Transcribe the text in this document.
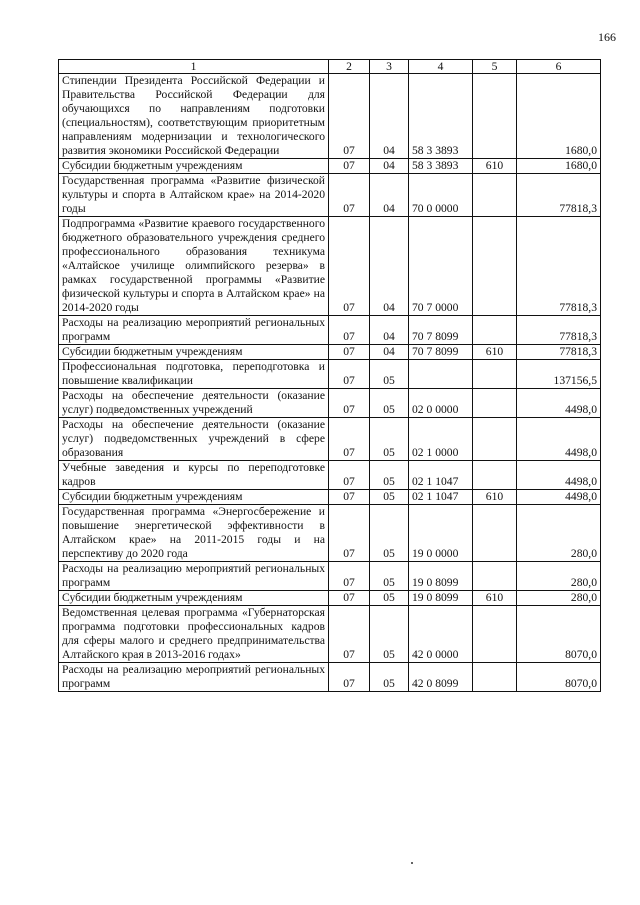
166
1	2	3	4	5	6
Стипендии Президента Российской Федерации и Правительства Российской Федерации для обучающихся по направлениям подготовки (специальностям), соответствующим приоритетным направлениям модернизации и технологического развития экономики Российской Федерации	07	04	58 3 3893		1680,0
Субсидии бюджетным учреждениям	07	04	58 3 3893	610	1680,0
Государственная программа «Развитие физической культуры и спорта в Алтайском крае» на 2014-2020 годы	07	04	70 0 0000		77818,3
Подпрограмма «Развитие краевого государственного бюджетного образовательного учреждения среднего профессионального образования техникума «Алтайское училище олимпийского резерва» в рамках государственной программы «Развитие физической культуры и спорта в Алтайском крае» на 2014-2020 годы	07	04	70 7 0000		77818,3
Расходы на реализацию мероприятий региональных программ	07	04	70 7 8099		77818,3
Субсидии бюджетным учреждениям	07	04	70 7 8099	610	77818,3
Профессиональная подготовка, переподготовка и повышение квалификации	07	05			137156,5
Расходы на обеспечение деятельности (оказание услуг) подведомственных учреждений	07	05	02 0 0000		4498,0
Расходы на обеспечение деятельности (оказание услуг) подведомственных учреждений в сфере образования	07	05	02 1 0000		4498,0
Учебные заведения и курсы по переподготовке кадров	07	05	02 1 1047		4498,0
Субсидии бюджетным учреждениям	07	05	02 1 1047	610	4498,0
Государственная программа «Энергосбережение и повышение энергетической эффективности в Алтайском крае» на 2011-2015 годы и на перспективу до 2020 года	07	05	19 0 0000		280,0
Расходы на реализацию мероприятий региональных программ	07	05	19 0 8099		280,0
Субсидии бюджетным учреждениям	07	05	19 0 8099	610	280,0
Ведомственная целевая программа «Губернаторская программа подготовки профессиональных кадров для сферы малого и среднего предпринимательства Алтайского края в 2013-2016 годах»	07	05	42 0 0000		8070,0
Расходы на реализацию мероприятий региональных программ	07	05	42 0 8099		8070,0
